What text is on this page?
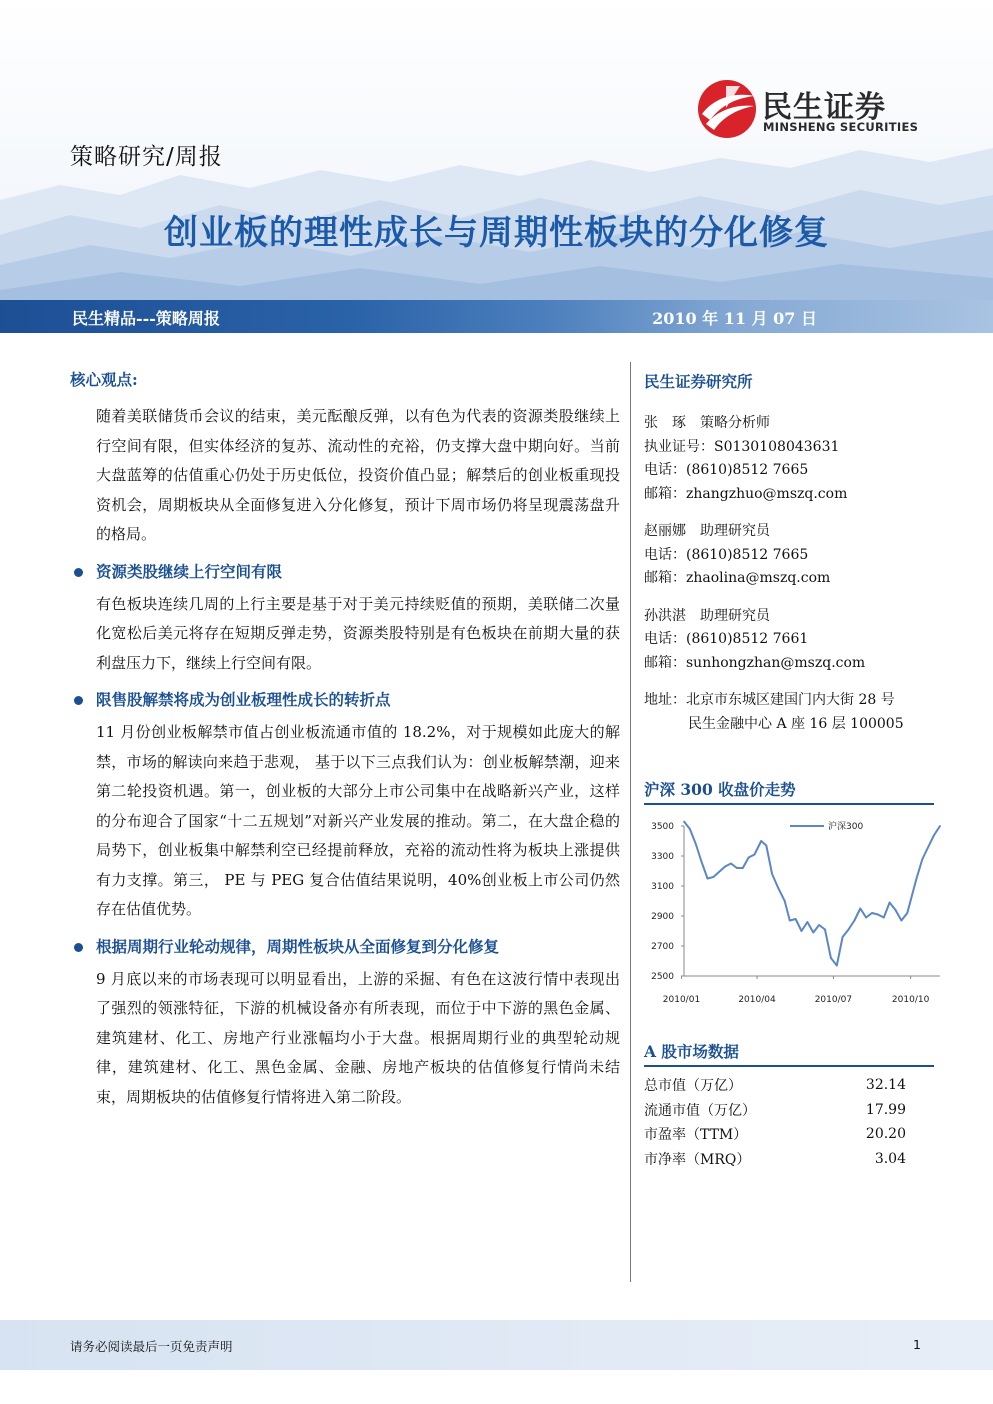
民生证券
MINSHENG SECURITIES
策略研究/周报
创业板的理性成长与周期性板块的分化修复
民生精品---策略周报	2010 年 11 月 07 日
核心观点:
随着美联储货币会议的结束，美元酝酿反弹，以有色为代表的资源类股继续上行空间有限，但实体经济的复苏、流动性的充裕，仍支撑大盘中期向好。当前大盘蓝筹的估值重心仍处于历史低位，投资价值凸显；解禁后的创业板重现投资机会，周期板块从全面修复进入分化修复，预计下周市场仍将呈现震荡盘升的格局。
资源类股继续上行空间有限
有色板块连续几周的上行主要是基于对于美元持续贬值的预期，美联储二次量化宽松后美元将存在短期反弹走势，资源类股特别是有色板块在前期大量的获利盘压力下，继续上行空间有限。
限售股解禁将成为创业板理性成长的转折点
11 月份创业板解禁市值占创业板流通市值的 18.2%，对于规模如此庞大的解禁，市场的解读向来趋于悲观， 基于以下三点我们认为：创业板解禁潮，迎来第二轮投资机遇。第一，创业板的大部分上市公司集中在战略新兴产业，这样的分布迎合了国家“十二五规划”对新兴产业发展的推动。第二，在大盘企稳的局势下，创业板集中解禁利空已经提前释放，充裕的流动性将为板块上涨提供有力支撑。第三， PE 与 PEG 复合估值结果说明，40%创业板上市公司仍然存在估值优势。
根据周期行业轮动规律，周期性板块从全面修复到分化修复
9 月底以来的市场表现可以明显看出，上游的采掘、有色在这波行情中表现出了强烈的领涨特征，下游的机械设备亦有所表现，而位于中下游的黑色金属、建筑建材、化工、房地产行业涨幅均小于大盘。根据周期行业的典型轮动规律，建筑建材、化工、黑色金属、金融、房地产板块的估值修复行情尚未结束，周期板块的估值修复行情将进入第二阶段。
民生证券研究所
张　琢　策略分析师
执业证号：S0130108043631
电话：(8610)8512 7665
邮箱：zhangzhuo@mszq.com
赵丽娜　助理研究员
电话：(8610)8512 7665
邮箱：zhaolina@mszq.com
孙洪湛　助理研究员
电话：(8610)8512 7661
邮箱：sunhongzhan@mszq.com
地址：北京市东城区建国门内大街 28 号
民生金融中心 A 座 16 层 100005
沪深 300 收盘价走势
2500
2700
2900
3100
3300
3500
2010/01	2010/04	2010/07	2010/10
沪深300
A 股市场数据
总市值（万亿）	32.14
流通市值（万亿）	17.99
市盈率（TTM）	20.20
市净率（MRQ）	3.04
请务必阅读最后一页免责声明	1
